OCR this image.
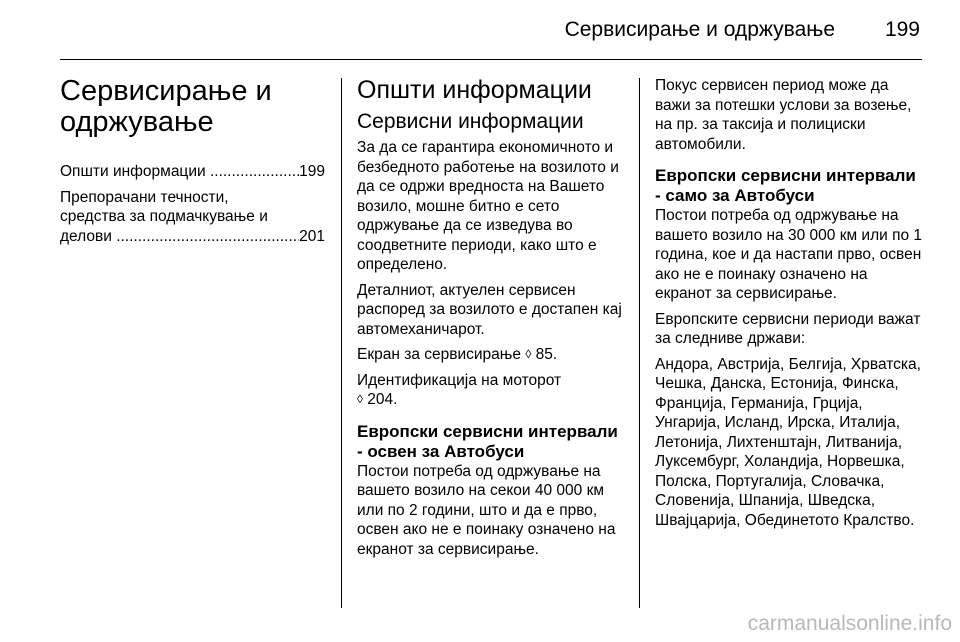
Сервисирање и одржување 199
Сервисирање и одржување
Општи информации .....	199
Препорачани течности,
средства за подмачкување и
делови .....	201
Општи информации
Сервисни информации

За да се гарантира економичното и безбедното работење на возилото и да се одржи вредноста на Вашето возило, мошне битно е сето одржување да се изведува во соодветните периоди, како што е определено.

Деталниот, актуелен сервисен распоред за возилото е достапен кај автомеханичарот.

Екран за сервисирање ◊ 85.

Идентификација на моторот
◊ 204.

Европски сервисни интервали - освен за Автобуси

Постои потреба од одржување на вашето возило на секои 40 000 км или по 2 години, што и да е прво, освен ако не е поинаку означено на екранот за сервисирање.

Покус сервисен период може да важи за потешки услови за возење, на пр. за таксија и полициски автомобили.

Европски сервисни интервали - само за Автобуси

Постои потреба од одржување на вашето возило на 30 000 км или по 1 година, кое и да настапи прво, освен ако не е поинаку означено на екранот за сервисирање.

Европските сервисни периоди важат за следниве држави:

Андора, Австрија, Белгија, Хрватска, Чешка, Данска, Естонија, Финска, Франција, Германија, Грција, Унгарија, Исланд, Ирска, Италија, Летонија, Лихтенштајн, Литванија, Луксембург, Холандија, Норвешка, Полска, Португалија, Словачка, Словенија, Шпанија, Шведска, Швајцарија, Обединетото Кралство.

carmanualsonline.info
